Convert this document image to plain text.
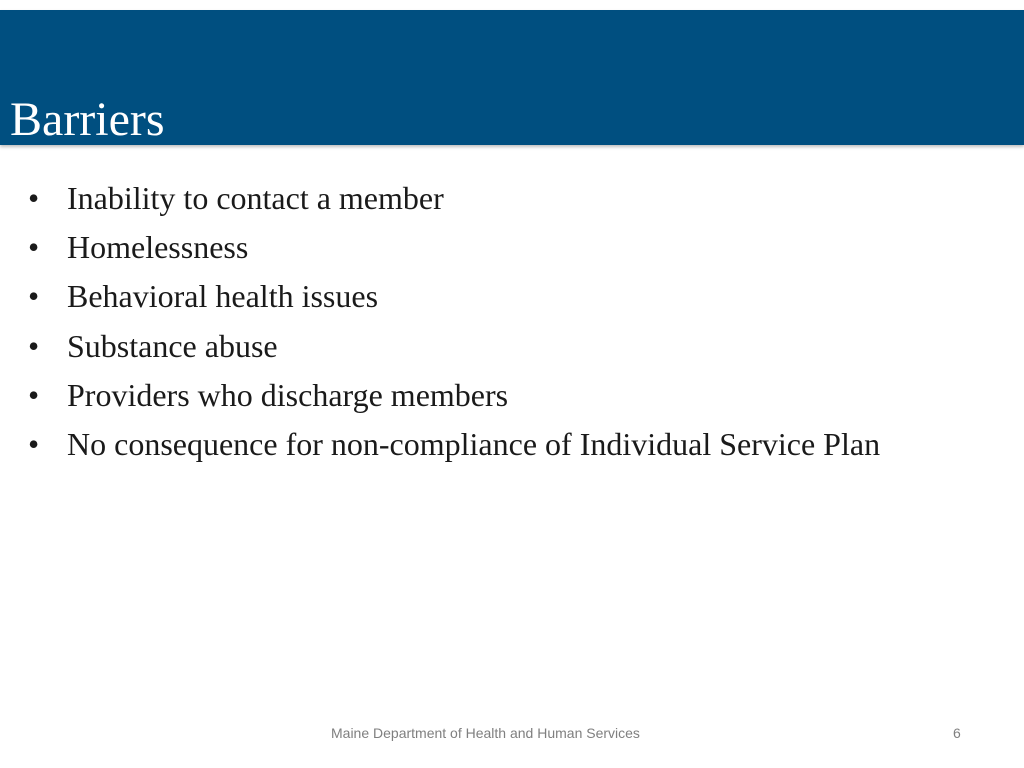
Barriers
• Inability to contact a member
• Homelessness
• Behavioral health issues
• Substance abuse
• Providers who discharge members
• No consequence for non-compliance of Individual Service Plan
Maine Department of Health and Human Services	6
